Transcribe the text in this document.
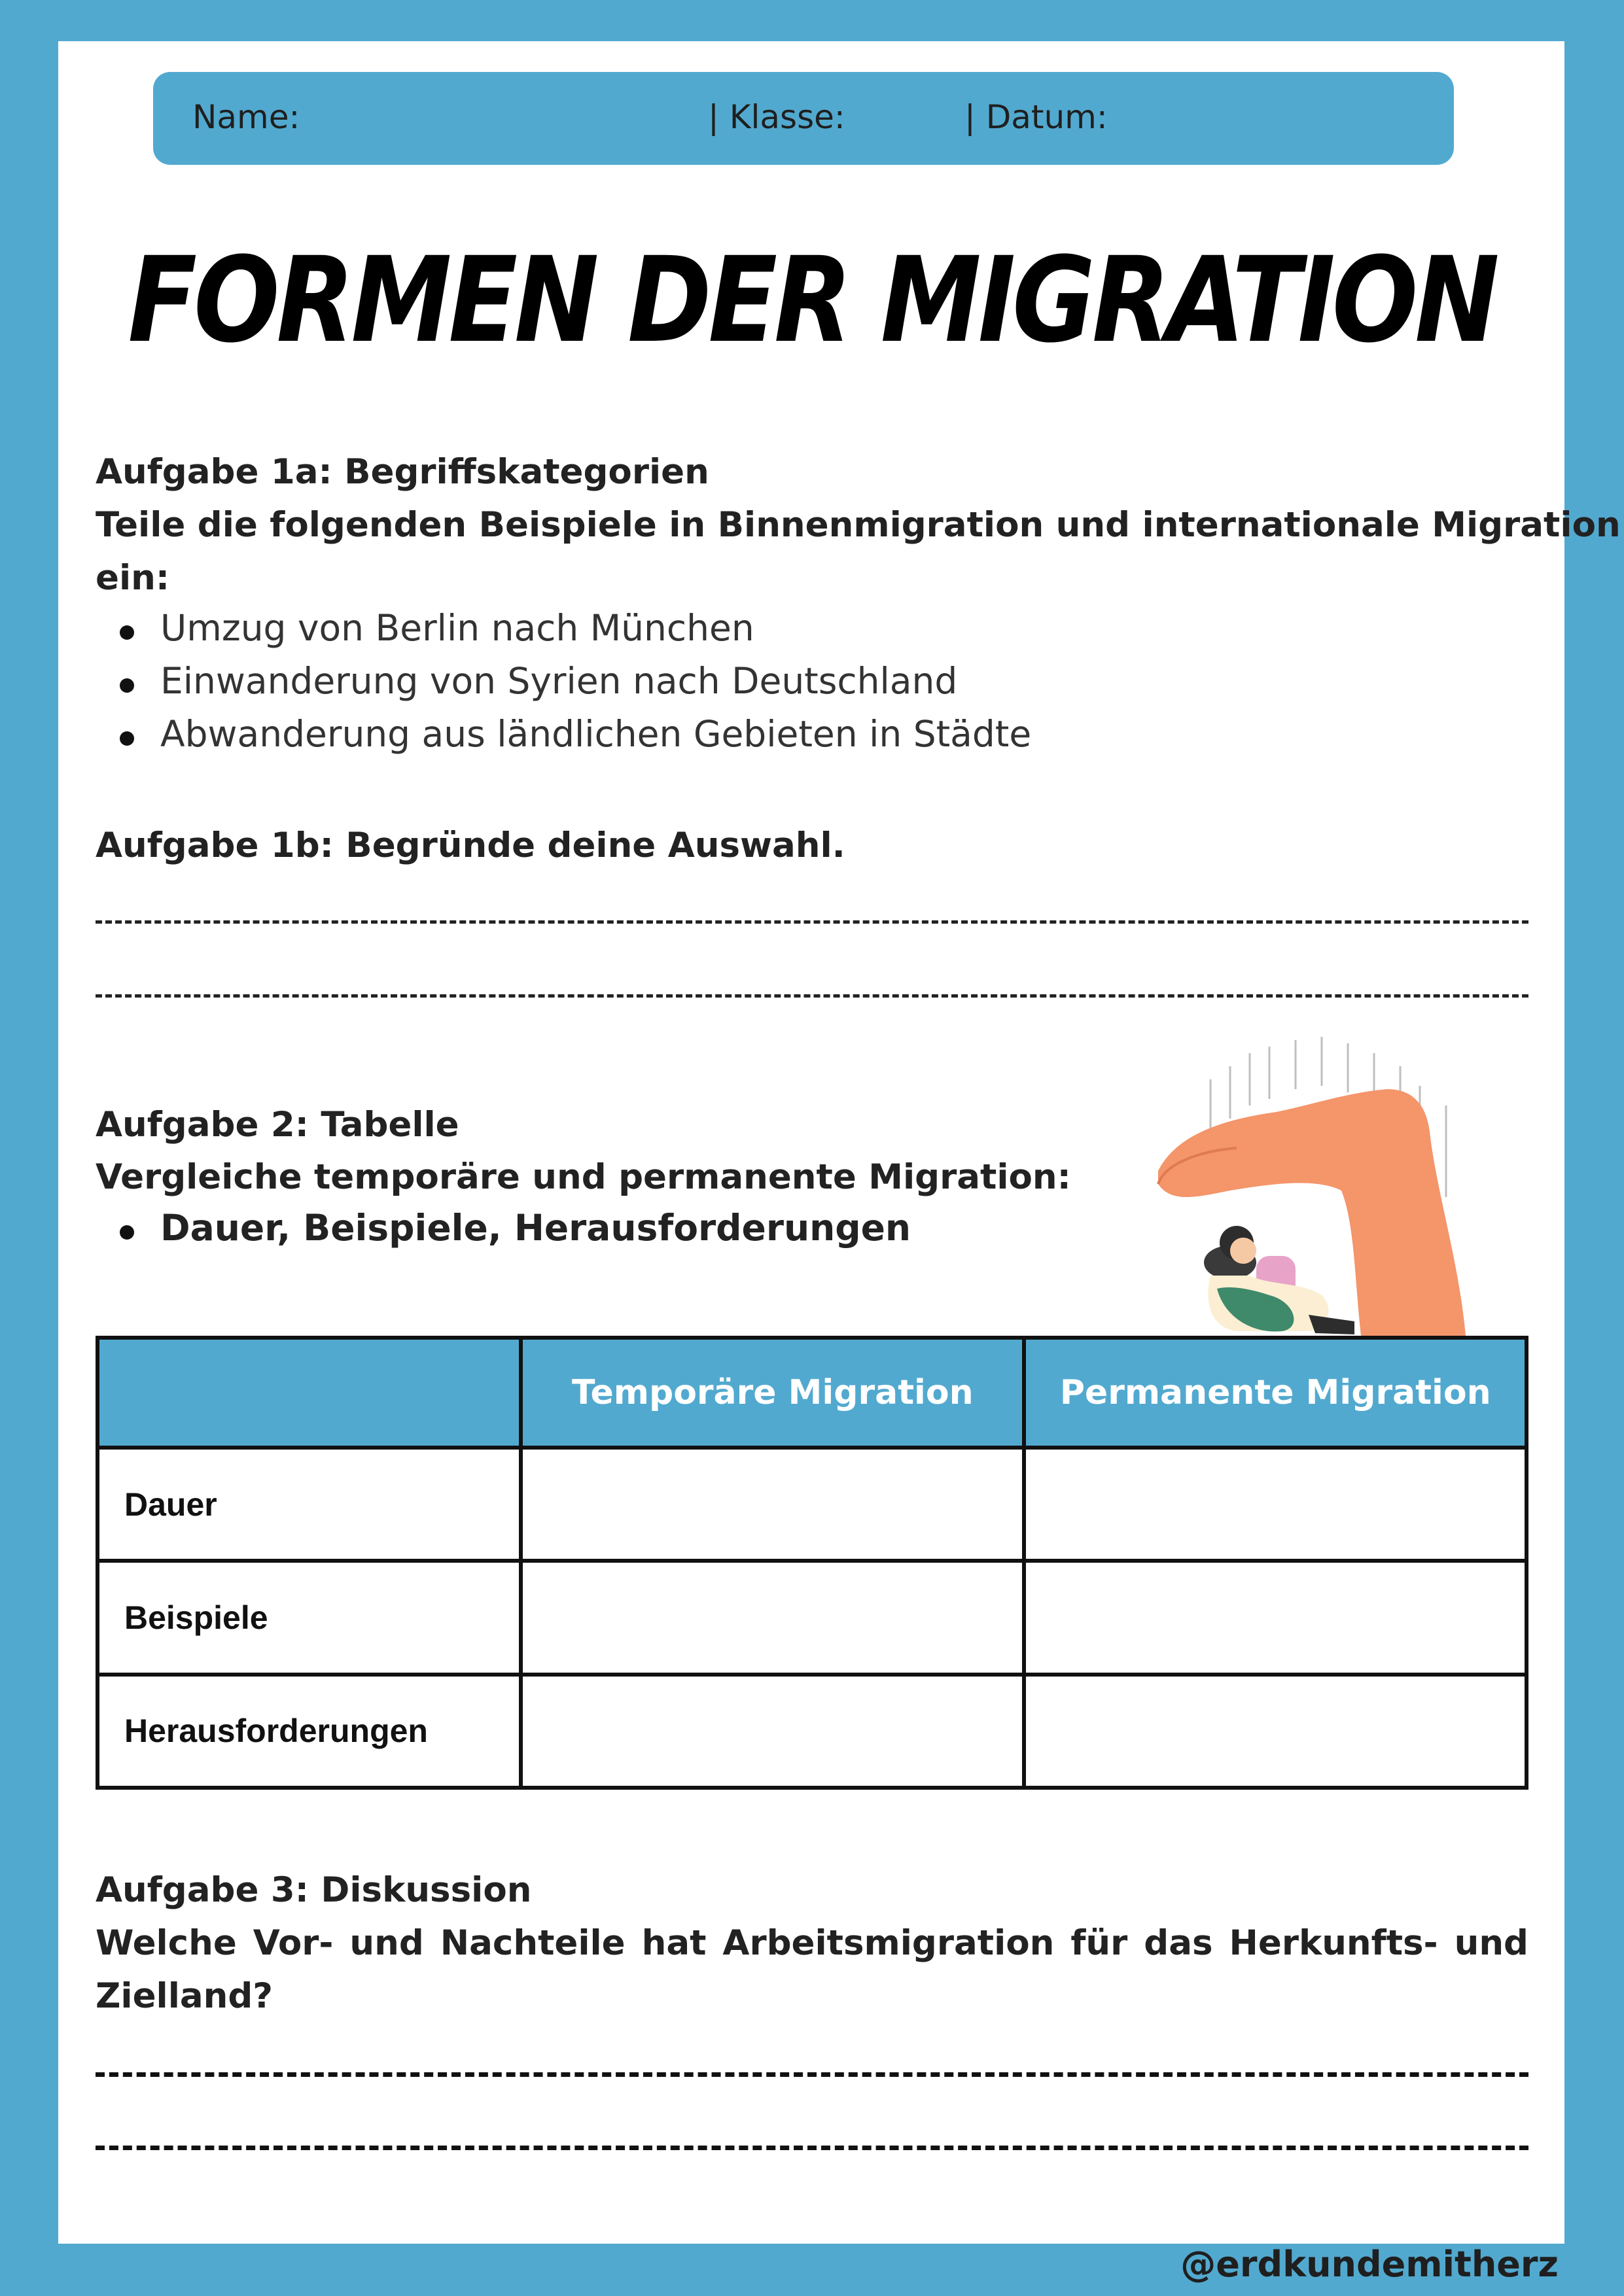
Name:	| Klasse:	| Datum:
FORMEN DER MIGRATION
Aufgabe 1a: Begriffskategorien
Teile die folgenden Beispiele in Binnenmigration und internationale Migration
ein:
Umzug von Berlin nach München
Einwanderung von Syrien nach Deutschland
Abwanderung aus ländlichen Gebieten in Städte
Aufgabe 1b: Begründe deine Auswahl.
Aufgabe 2: Tabelle
Vergleiche temporäre und permanente Migration:
Dauer, Beispiele, Herausforderungen
	Temporäre Migration	Permanente Migration
Dauer		
Beispiele		
Herausforderungen		
Aufgabe 3: Diskussion
Welche Vor- und Nachteile hat Arbeitsmigration für das Herkunfts- und
Zielland?
@erdkundemitherz
